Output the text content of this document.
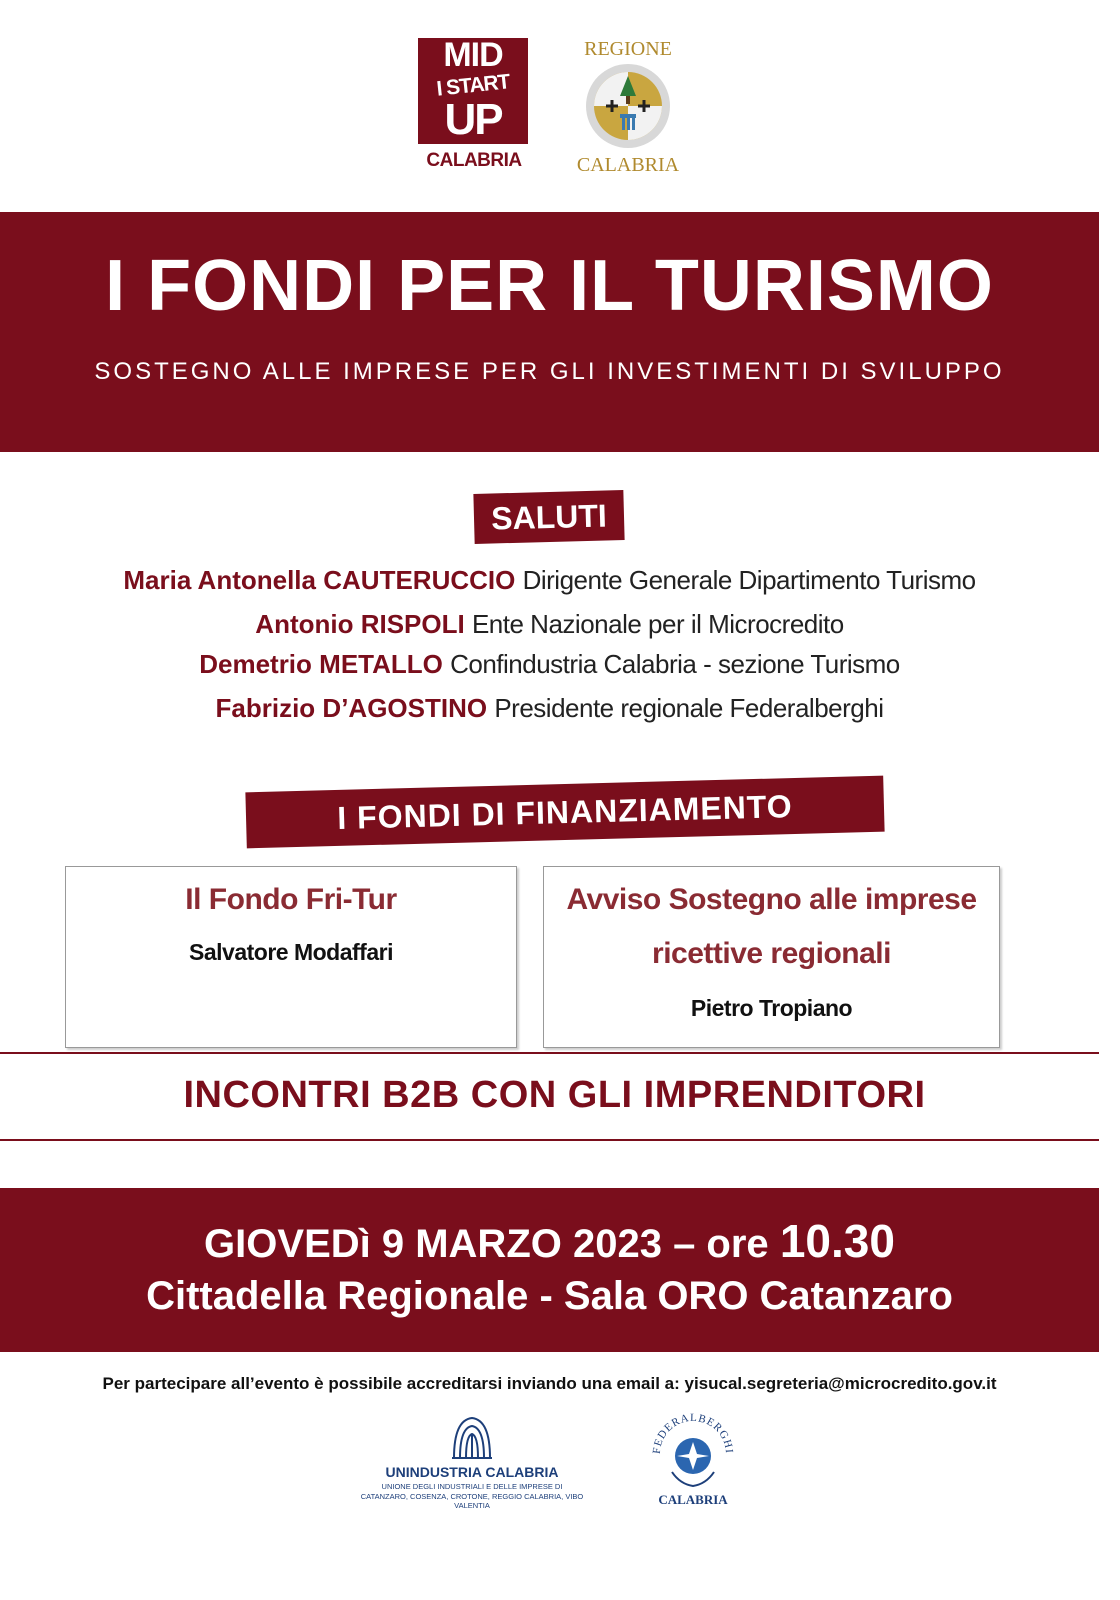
MID
I START
UP
CALABRIA
REGIONE
CALABRIA
I FONDI PER IL TURISMO
SOSTEGNO ALLE IMPRESE PER GLI INVESTIMENTI DI SVILUPPO
SALUTI
Maria Antonella CAUTERUCCIO Dirigente Generale Dipartimento Turismo
Antonio RISPOLI Ente Nazionale per il Microcredito
Demetrio METALLO Confindustria Calabria - sezione Turismo
Fabrizio D’AGOSTINO Presidente regionale Federalberghi
I FONDI DI FINANZIAMENTO
Il Fondo Fri-Tur
Salvatore Modaffari
Avviso Sostegno alle imprese
ricettive regionali
Pietro Tropiano
INCONTRI B2B CON GLI IMPRENDITORI
GIOVEDì 9 MARZO 2023 – ore 10.30
Cittadella Regionale - Sala ORO Catanzaro
Per partecipare all’evento è possibile accreditarsi inviando una email a: yisucal.segreteria@microcredito.gov.it
UNINDUSTRIA CALABRIA
UNIONE DEGLI INDUSTRIALI E DELLE IMPRESE DI
CATANZARO, COSENZA, CROTONE, REGGIO CALABRIA, VIBO VALENTIA
FEDERALBERGHI
CALABRIA
